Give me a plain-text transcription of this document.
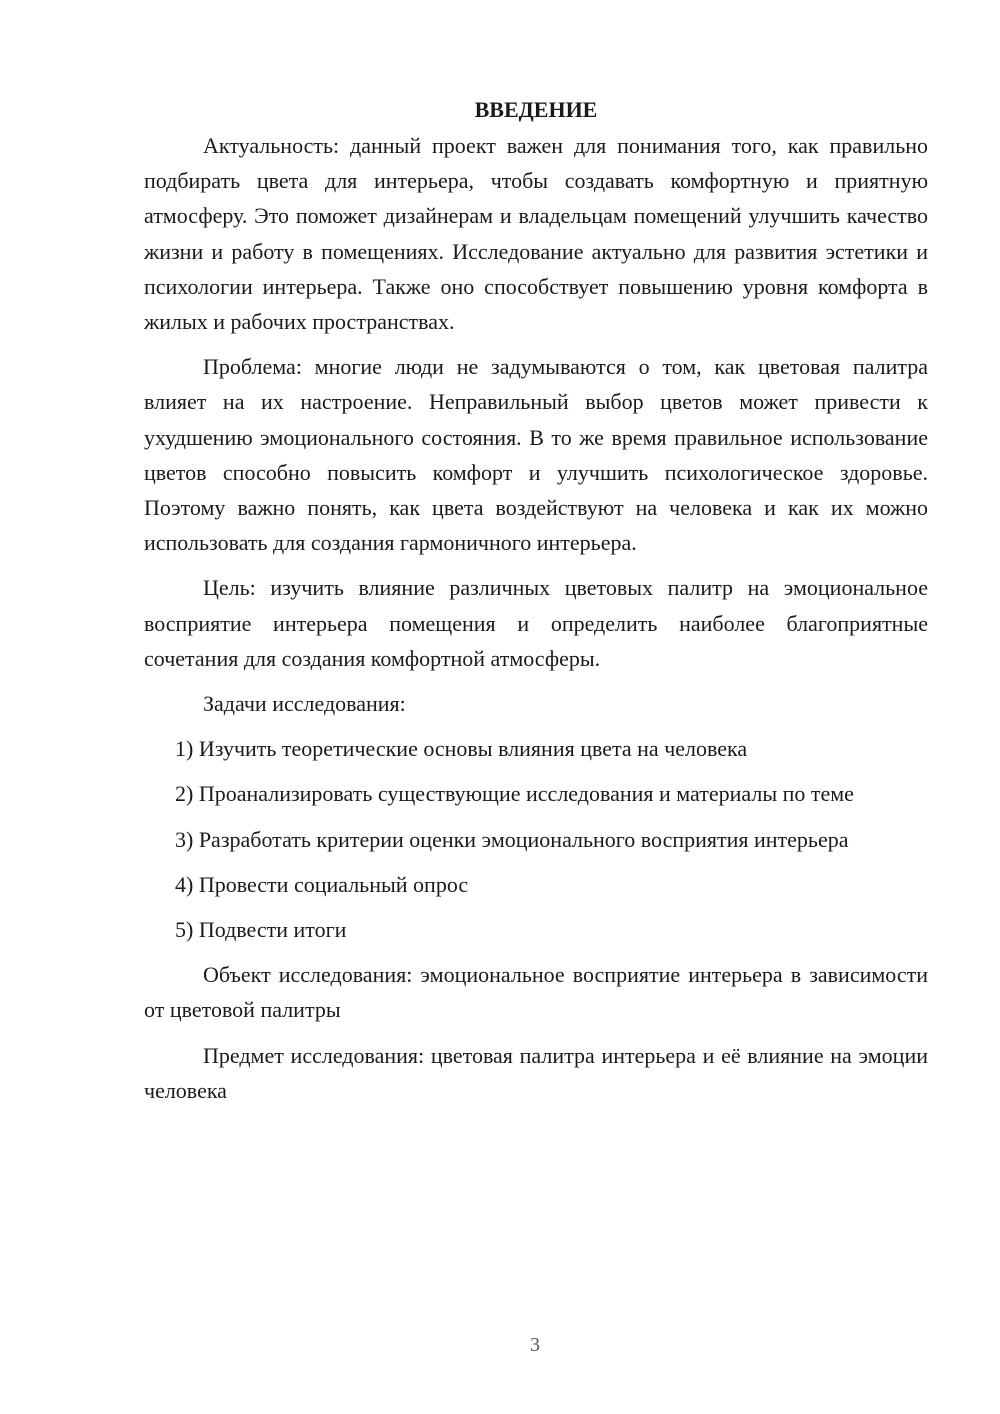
ВВЕДЕНИЕ

Актуальность: данный проект важен для понимания того, как правильно подбирать цвета для интерьера, чтобы создавать комфортную и приятную атмосферу. Это поможет дизайнерам и владельцам помещений улучшить качество жизни и работу в помещениях. Исследование актуально для развития эстетики и психологии интерьера. Также оно способствует повышению уровня комфорта в жилых и рабочих пространствах.

Проблема: многие люди не задумываются о том, как цветовая палитра влияет на их настроение. Неправильный выбор цветов может привести к ухудшению эмоционального состояния. В то же время правильное использование цветов способно повысить комфорт и улучшить психологическое здоровье. Поэтому важно понять, как цвета воздействуют на человека и как их можно использовать для создания гармоничного интерьера.

Цель: изучить влияние различных цветовых палитр на эмоциональное восприятие интерьера помещения и определить наиболее благоприятные сочетания для создания комфортной атмосферы.

Задачи исследования:

1) Изучить теоретические основы влияния цвета на человека

2) Проанализировать существующие исследования и материалы по теме

3) Разработать критерии оценки эмоционального восприятия интерьера

4) Провести социальный опрос

5) Подвести итоги

Объект исследования: эмоциональное восприятие интерьера в зависимости от цветовой палитры

Предмет исследования: цветовая палитра интерьера и её влияние на эмоции человека

3
